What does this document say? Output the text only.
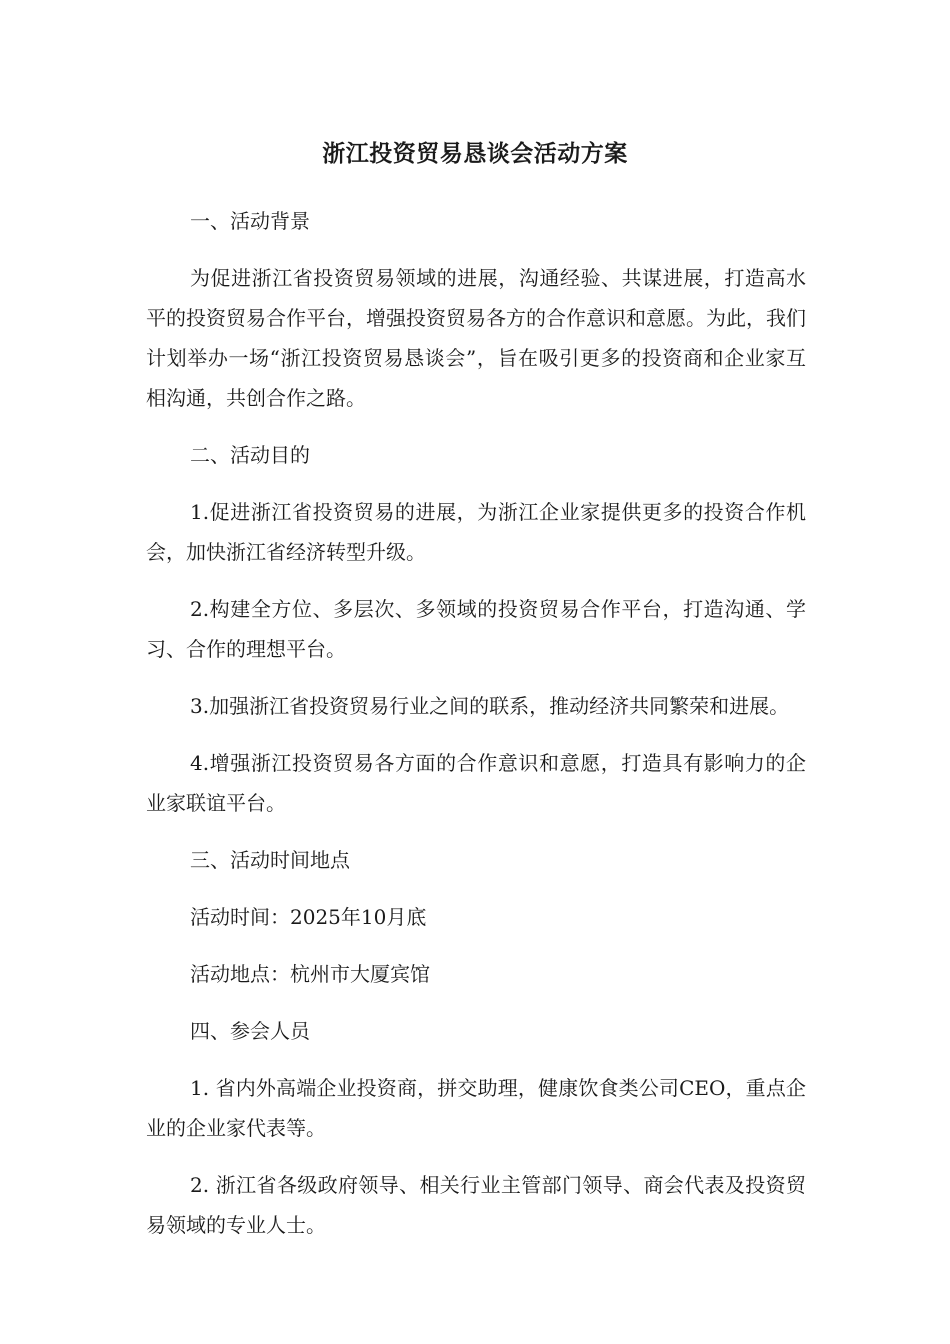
浙江投资贸易恳谈会活动方案

一、活动背景

为促进浙江省投资贸易领域的进展，沟通经验、共谋进展，打造高水平的投资贸易合作平台，增强投资贸易各方的合作意识和意愿。为此，我们计划举办一场“浙江投资贸易恳谈会”，旨在吸引更多的投资商和企业家互相沟通，共创合作之路。

二、活动目的

1.促进浙江省投资贸易的进展，为浙江企业家提供更多的投资合作机会，加快浙江省经济转型升级。

2.构建全方位、多层次、多领域的投资贸易合作平台，打造沟通、学习、合作的理想平台。

3.加强浙江省投资贸易行业之间的联系，推动经济共同繁荣和进展。

4.增强浙江投资贸易各方面的合作意识和意愿，打造具有影响力的企业家联谊平台。

三、活动时间地点

活动时间：2025年10月底

活动地点：杭州市大厦宾馆

四、参会人员

1. 省内外高端企业投资商，拼交助理，健康饮食类公司CEO，重点企业的企业家代表等。

2. 浙江省各级政府领导、相关行业主管部门领导、商会代表及投资贸易领域的专业人士。
